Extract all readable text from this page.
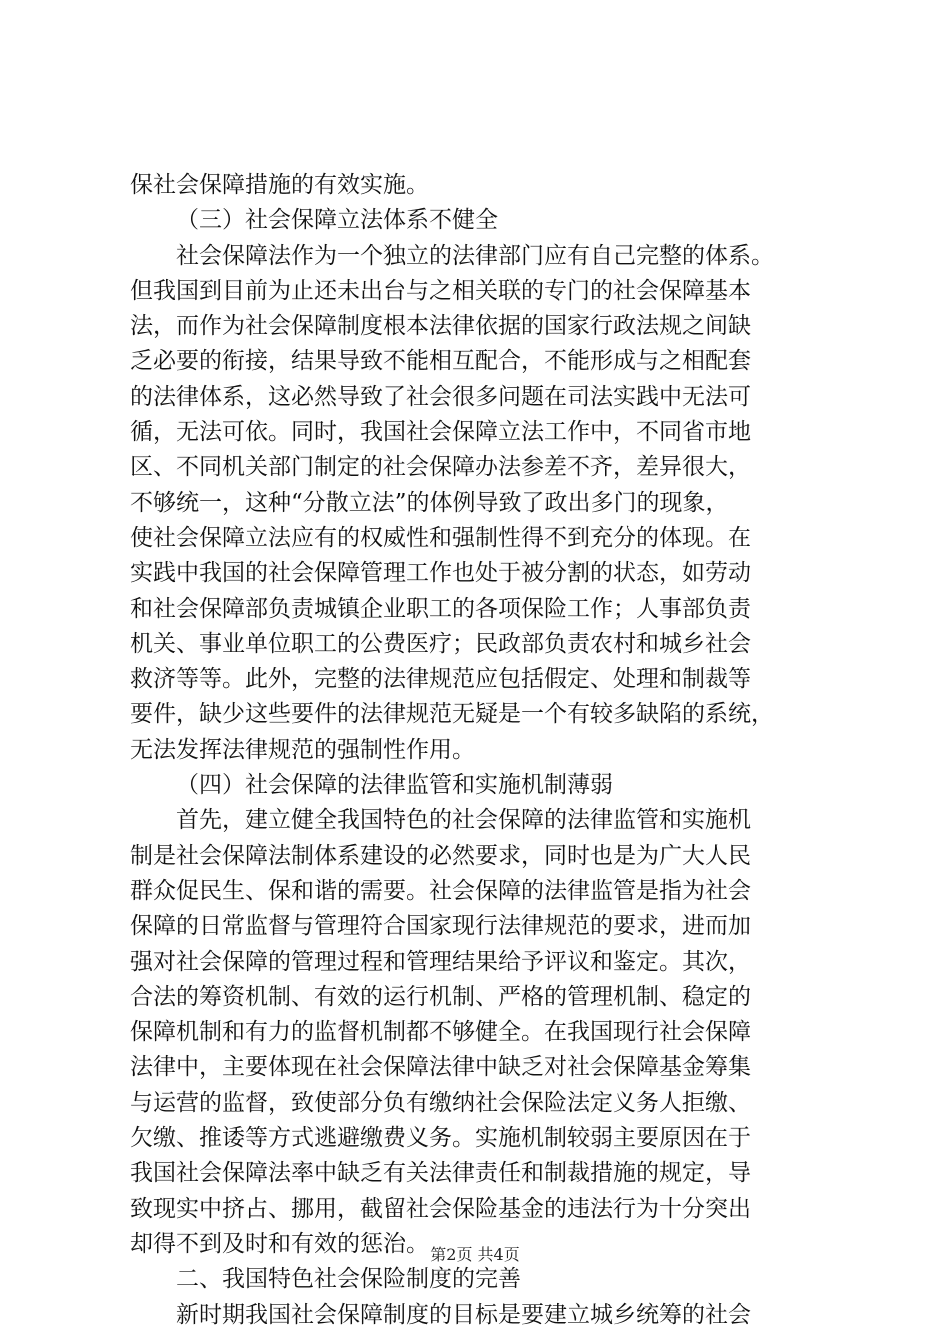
保社会保障措施的有效实施。
（三）社会保障立法体系不健全
社会保障法作为一个独立的法律部门应有自己完整的体系。
但我国到目前为止还未出台与之相关联的专门的社会保障基本
法，而作为社会保障制度根本法律依据的国家行政法规之间缺
乏必要的衔接，结果导致不能相互配合，不能形成与之相配套
的法律体系，这必然导致了社会很多问题在司法实践中无法可
循，无法可依。同时，我国社会保障立法工作中，不同省市地
区、不同机关部门制定的社会保障办法参差不齐，差异很大，
不够统一，这种“分散立法”的体例导致了政出多门的现象，
使社会保障立法应有的权威性和强制性得不到充分的体现。在
实践中我国的社会保障管理工作也处于被分割的状态，如劳动
和社会保障部负责城镇企业职工的各项保险工作；人事部负责
机关、事业单位职工的公费医疗；民政部负责农村和城乡社会
救济等等。此外，完整的法律规范应包括假定、处理和制裁等
要件，缺少这些要件的法律规范无疑是一个有较多缺陷的系统，
无法发挥法律规范的强制性作用。
（四）社会保障的法律监管和实施机制薄弱
首先，建立健全我国特色的社会保障的法律监管和实施机
制是社会保障法制体系建设的必然要求，同时也是为广大人民
群众促民生、保和谐的需要。社会保障的法律监管是指为社会
保障的日常监督与管理符合国家现行法律规范的要求，进而加
强对社会保障的管理过程和管理结果给予评议和鉴定。其次，
合法的筹资机制、有效的运行机制、严格的管理机制、稳定的
保障机制和有力的监督机制都不够健全。在我国现行社会保障
法律中，主要体现在社会保障法律中缺乏对社会保障基金筹集
与运营的监督，致使部分负有缴纳社会保险法定义务人拒缴、
欠缴、推诿等方式逃避缴费义务。实施机制较弱主要原因在于
我国社会保障法率中缺乏有关法律责任和制裁措施的规定，导
致现实中挤占、挪用，截留社会保险基金的违法行为十分突出
却得不到及时和有效的惩治。
二、我国特色社会保险制度的完善
新时期我国社会保障制度的目标是要建立城乡统筹的社会
第2页 共4页
